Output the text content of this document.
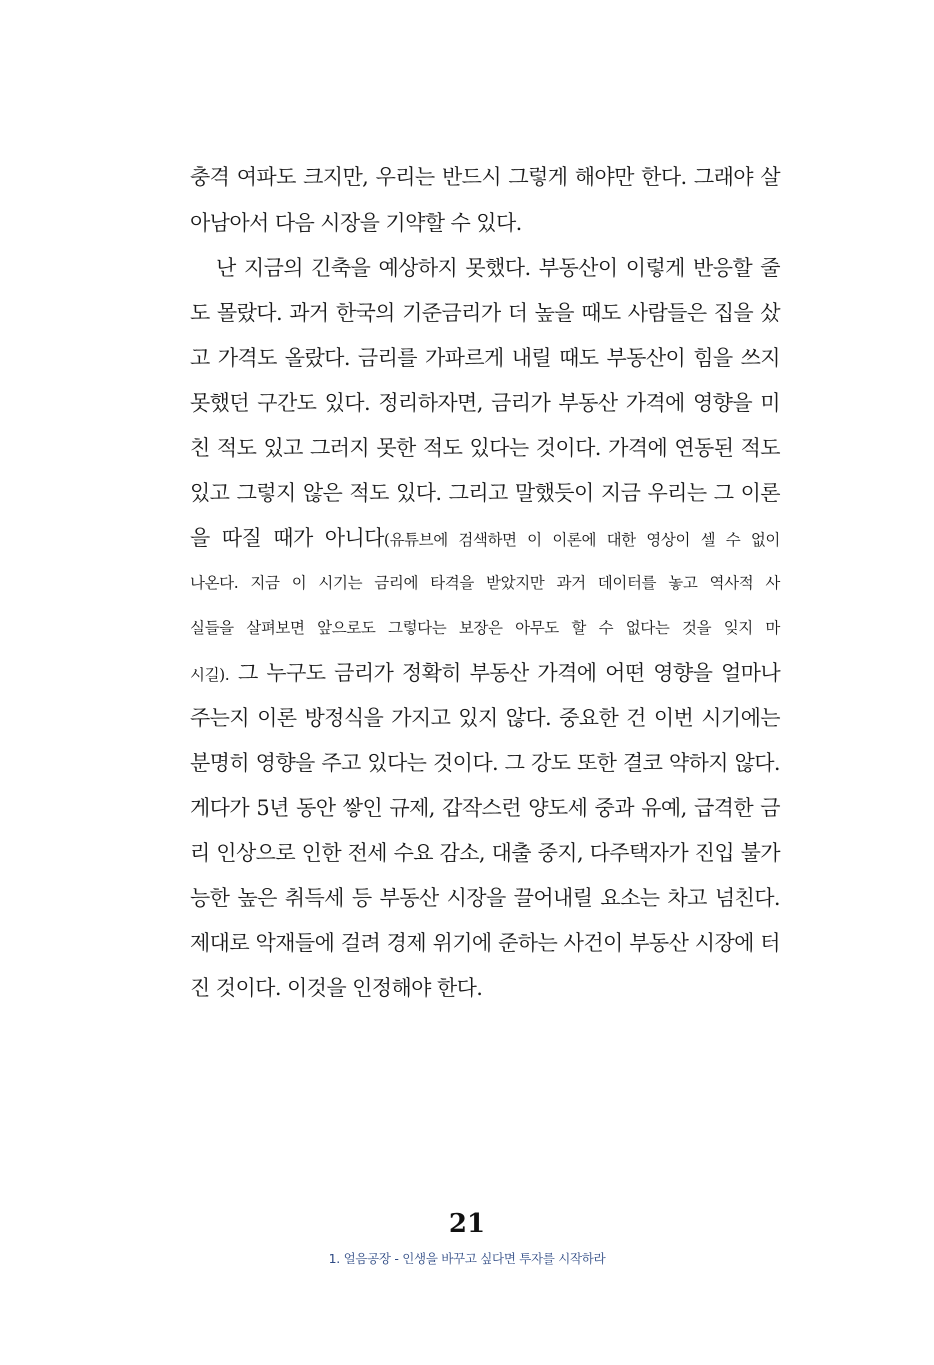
충격 여파도 크지만, 우리는 반드시 그렇게 해야만 한다. 그래야 살
아남아서 다음 시장을 기약할 수 있다.
난 지금의 긴축을 예상하지 못했다. 부동산이 이렇게 반응할 줄
도 몰랐다. 과거 한국의 기준금리가 더 높을 때도 사람들은 집을 샀
고 가격도 올랐다. 금리를 가파르게 내릴 때도 부동산이 힘을 쓰지
못했던 구간도 있다. 정리하자면, 금리가 부동산 가격에 영향을 미
친 적도 있고 그러지 못한 적도 있다는 것이다. 가격에 연동된 적도
있고 그렇지 않은 적도 있다. 그리고 말했듯이 지금 우리는 그 이론
을 따질 때가 아니다(유튜브에 검색하면 이 이론에 대한 영상이 셀 수 없이
나온다. 지금 이 시기는 금리에 타격을 받았지만 과거 데이터를 놓고 역사적 사
실들을 살펴보면 앞으로도 그렇다는 보장은 아무도 할 수 없다는 것을 잊지 마
시길). 그 누구도 금리가 정확히 부동산 가격에 어떤 영향을 얼마나
주는지 이론 방정식을 가지고 있지 않다. 중요한 건 이번 시기에는
분명히 영향을 주고 있다는 것이다. 그 강도 또한 결코 약하지 않다.
게다가 5년 동안 쌓인 규제, 갑작스런 양도세 중과 유예, 급격한 금
리 인상으로 인한 전세 수요 감소, 대출 중지, 다주택자가 진입 불가
능한 높은 취득세 등 부동산 시장을 끌어내릴 요소는 차고 넘친다.
제대로 악재들에 걸려 경제 위기에 준하는 사건이 부동산 시장에 터
진 것이다. 이것을 인정해야 한다.
21
1. 얼음공장 - 인생을 바꾸고 싶다면 투자를 시작하라
